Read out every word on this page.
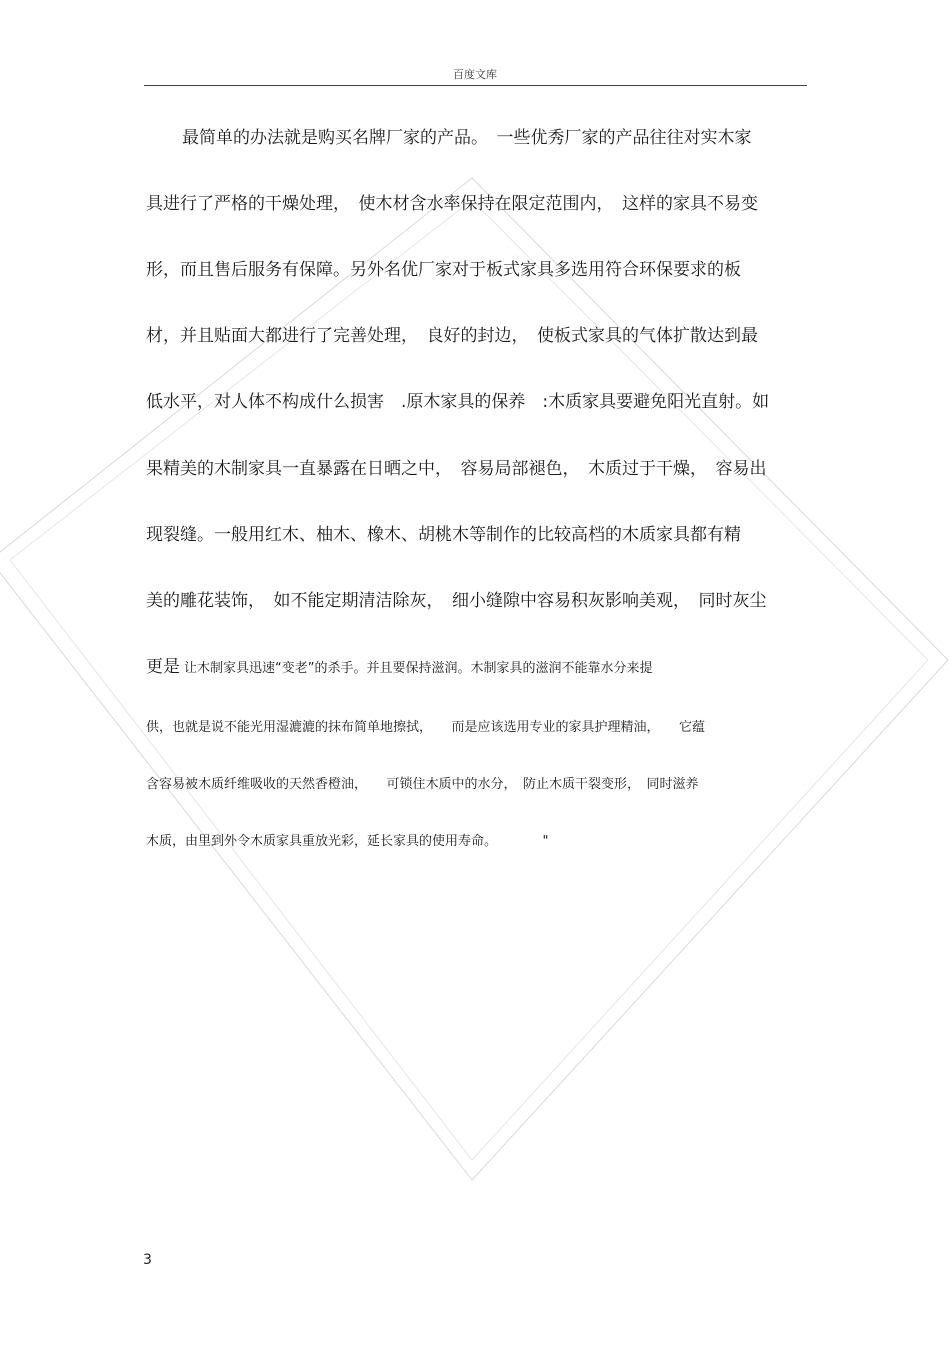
百度文库
最简单的办法就是购买名牌厂家的产品。　一些优秀厂家的产品往往对实木家
具进行了严格的干燥处理，　使木材含水率保持在限定范围内，　这样的家具不易变
形，而且售后服务有保障。另外名优厂家对于板式家具多选用符合环保要求的板
材，并且贴面大都进行了完善处理，　良好的封边，　使板式家具的气体扩散达到最
低水平，对人体不构成什么损害　.原木家具的保养　:木质家具要避免阳光直射。如
果精美的木制家具一直暴露在日晒之中，　容易局部褪色，　木质过于干燥，　容易出
现裂缝。一般用红木、柚木、橡木、胡桃木等制作的比较高档的木质家具都有精
美的雕花装饰，　如不能定期清洁除灰，　细小缝隙中容易积灰影响美观，　同时灰尘
更是 让木制家具迅速“变老”的杀手。并且要保持滋润。木制家具的滋润不能靠水分来提
供，也就是说不能光用湿漉漉的抹布简单地擦拭，　　而是应该选用专业的家具护理精油，　　它蕴
含容易被木质纤维吸收的天然香橙油，　　可锁住木质中的水分，　防止木质干裂变形，　同时滋养
木质，由里到外令木质家具重放光彩，延长家具的使用寿命。　　　　"
3
